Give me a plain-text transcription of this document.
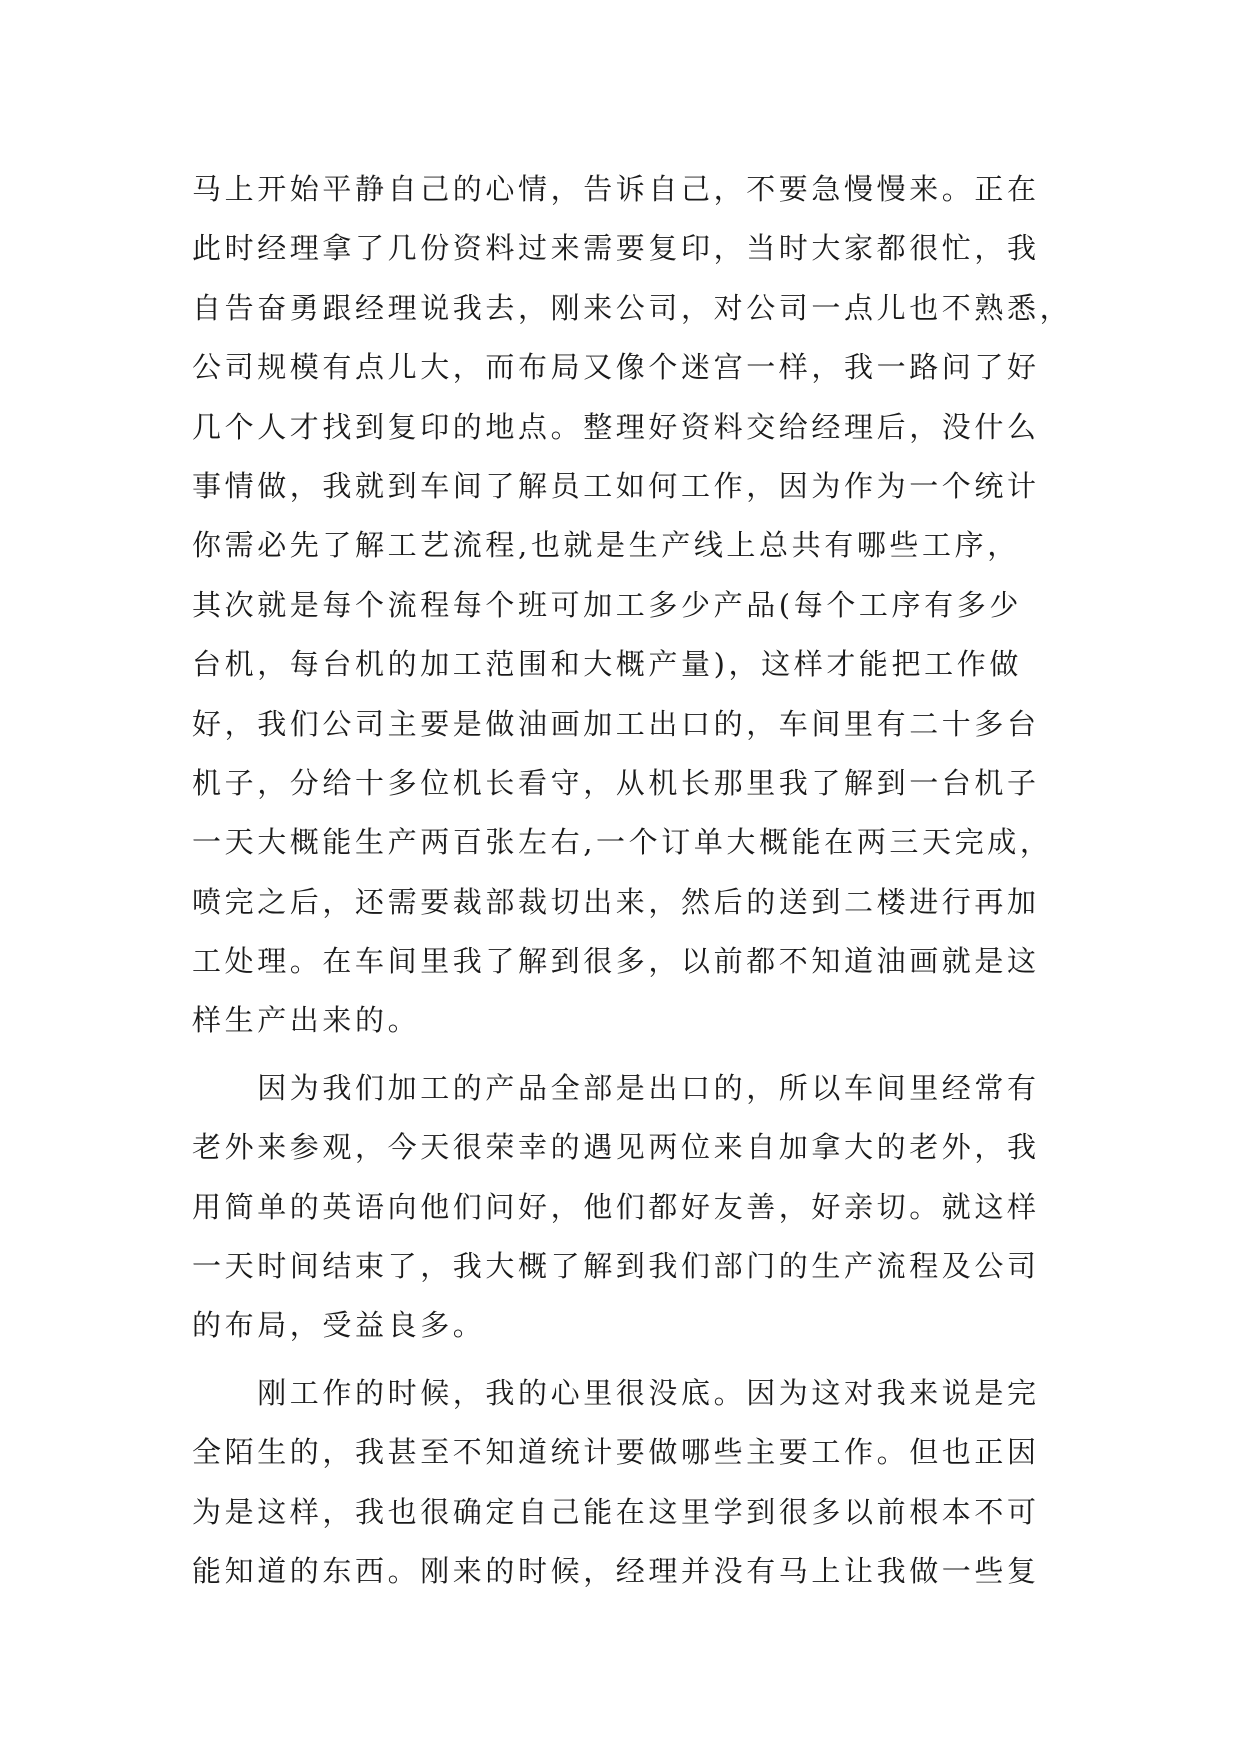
马上开始平静自己的心情，告诉自己，不要急慢慢来。正在
此时经理拿了几份资料过来需要复印，当时大家都很忙，我
自告奋勇跟经理说我去，刚来公司，对公司一点儿也不熟悉，
公司规模有点儿大，而布局又像个迷宫一样，我一路问了好
几个人才找到复印的地点。整理好资料交给经理后，没什么
事情做，我就到车间了解员工如何工作，因为作为一个统计
你需必先了解工艺流程,也就是生产线上总共有哪些工序，
其次就是每个流程每个班可加工多少产品(每个工序有多少
台机，每台机的加工范围和大概产量)，这样才能把工作做
好，我们公司主要是做油画加工出口的，车间里有二十多台
机子，分给十多位机长看守，从机长那里我了解到一台机子
一天大概能生产两百张左右,一个订单大概能在两三天完成，
喷完之后，还需要裁部裁切出来，然后的送到二楼进行再加
工处理。在车间里我了解到很多，以前都不知道油画就是这
样生产出来的。
　　因为我们加工的产品全部是出口的，所以车间里经常有
老外来参观，今天很荣幸的遇见两位来自加拿大的老外，我
用简单的英语向他们问好，他们都好友善，好亲切。就这样
一天时间结束了，我大概了解到我们部门的生产流程及公司
的布局，受益良多。
　　刚工作的时候，我的心里很没底。因为这对我来说是完
全陌生的，我甚至不知道统计要做哪些主要工作。但也正因
为是这样，我也很确定自己能在这里学到很多以前根本不可
能知道的东西。刚来的时候，经理并没有马上让我做一些复
